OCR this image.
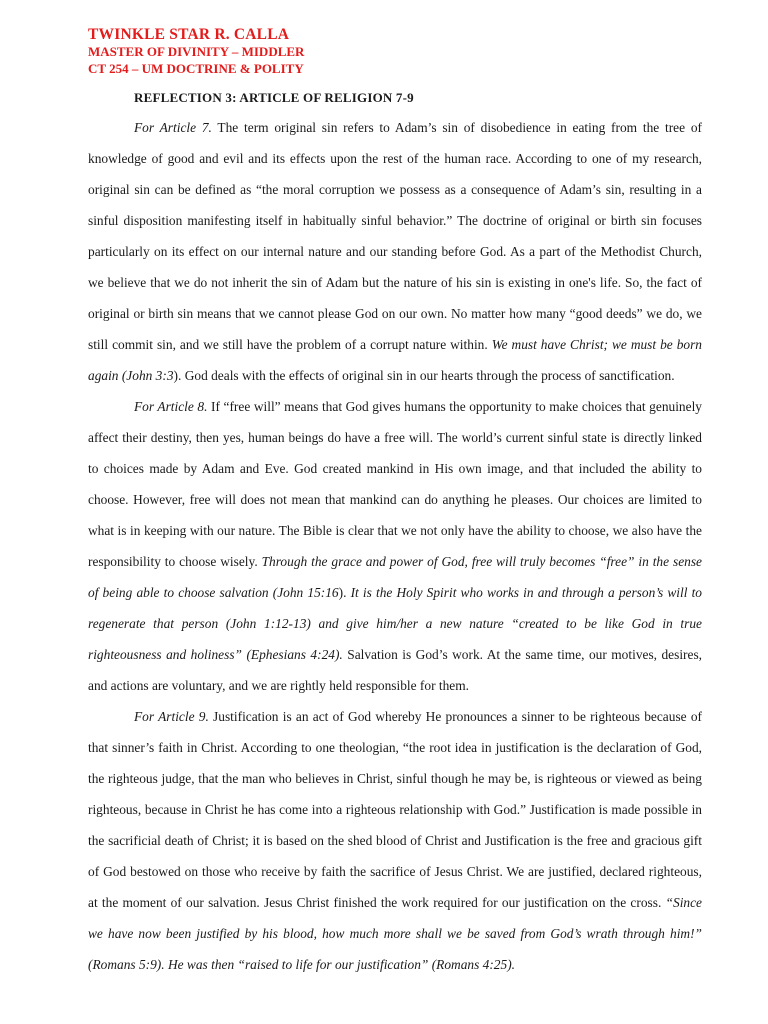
TWINKLE STAR R. CALLA
MASTER OF DIVINITY – MIDDLER
CT 254 – UM DOCTRINE & POLITY
REFLECTION 3: ARTICLE OF RELIGION 7-9

For Article 7. The term original sin refers to Adam’s sin of disobedience in eating from the tree of knowledge of good and evil and its effects upon the rest of the human race. According to one of my research, original sin can be defined as “the moral corruption we possess as a consequence of Adam’s sin, resulting in a sinful disposition manifesting itself in habitually sinful behavior.” The doctrine of original or birth sin focuses particularly on its effect on our internal nature and our standing before God. As a part of the Methodist Church, we believe that we do not inherit the sin of Adam but the nature of his sin is existing in one's life. So, the fact of original or birth sin means that we cannot please God on our own. No matter how many “good deeds” we do, we still commit sin, and we still have the problem of a corrupt nature within. We must have Christ; we must be born again (John 3:3). God deals with the effects of original sin in our hearts through the process of sanctification.

For Article 8. If “free will” means that God gives humans the opportunity to make choices that genuinely affect their destiny, then yes, human beings do have a free will. The world’s current sinful state is directly linked to choices made by Adam and Eve. God created mankind in His own image, and that included the ability to choose. However, free will does not mean that mankind can do anything he pleases. Our choices are limited to what is in keeping with our nature. The Bible is clear that we not only have the ability to choose, we also have the responsibility to choose wisely. Through the grace and power of God, free will truly becomes “free” in the sense of being able to choose salvation (John 15:16). It is the Holy Spirit who works in and through a person’s will to regenerate that person (John 1:12-13) and give him/her a new nature “created to be like God in true righteousness and holiness” (Ephesians 4:24). Salvation is God’s work. At the same time, our motives, desires, and actions are voluntary, and we are rightly held responsible for them.

For Article 9. Justification is an act of God whereby He pronounces a sinner to be righteous because of that sinner’s faith in Christ. According to one theologian, “the root idea in justification is the declaration of God, the righteous judge, that the man who believes in Christ, sinful though he may be, is righteous or viewed as being righteous, because in Christ he has come into a righteous relationship with God.” Justification is made possible in the sacrificial death of Christ; it is based on the shed blood of Christ and Justification is the free and gracious gift of God bestowed on those who receive by faith the sacrifice of Jesus Christ. We are justified, declared righteous, at the moment of our salvation. Jesus Christ finished the work required for our justification on the cross. “Since we have now been justified by his blood, how much more shall we be saved from God’s wrath through him!” (Romans 5:9). He was then “raised to life for our justification” (Romans 4:25).
